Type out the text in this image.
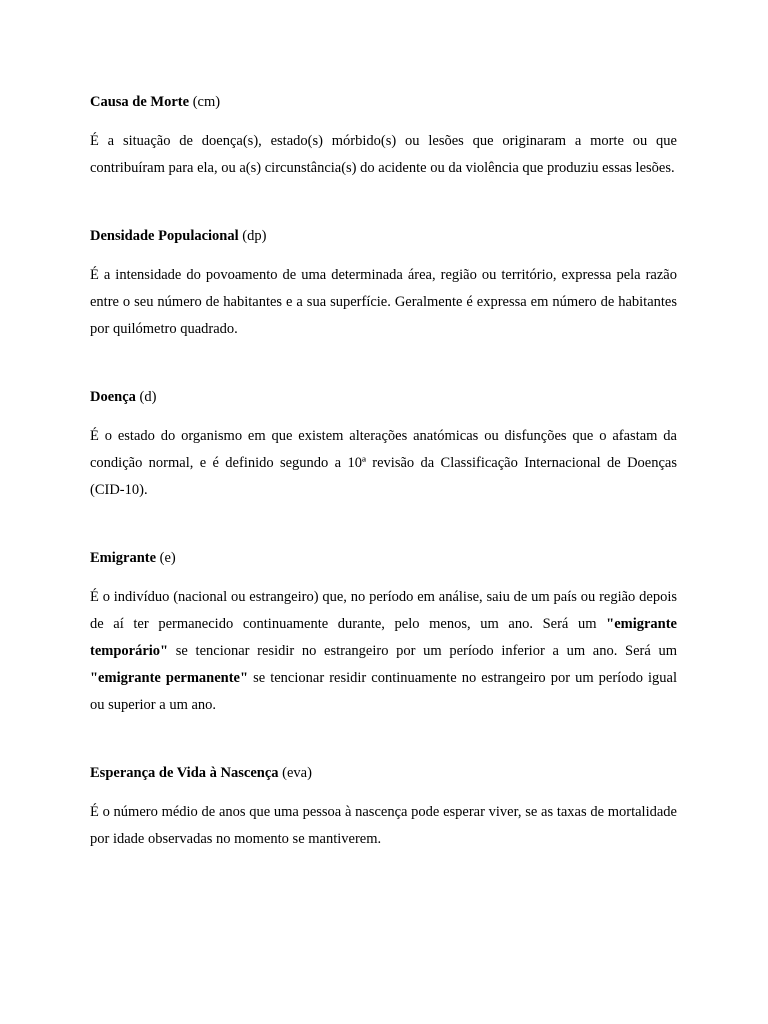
Causa de Morte (cm)

É a situação de doença(s), estado(s) mórbido(s) ou lesões que originaram a morte ou que contribuíram para ela, ou a(s) circunstância(s) do acidente ou da violência que produziu essas lesões.

Densidade Populacional (dp)

É a intensidade do povoamento de uma determinada área, região ou território, expressa pela razão entre o seu número de habitantes e a sua superfície. Geralmente é expressa em número de habitantes por quilómetro quadrado.

Doença (d)

É o estado do organismo em que existem alterações anatómicas ou disfunções que o afastam da condição normal, e é definido segundo a 10ª revisão da Classificação Internacional de Doenças (CID-10).

Emigrante (e)

É o indivíduo (nacional ou estrangeiro) que, no período em análise, saiu de um país ou região depois de aí ter permanecido continuamente durante, pelo menos, um ano. Será um "emigrante temporário" se tencionar residir no estrangeiro por um período inferior a um ano. Será um "emigrante permanente" se tencionar residir continuamente no estrangeiro por um período igual ou superior a um ano.

Esperança de Vida à Nascença (eva)

É o número médio de anos que uma pessoa à nascença pode esperar viver, se as taxas de mortalidade por idade observadas no momento se mantiverem.
